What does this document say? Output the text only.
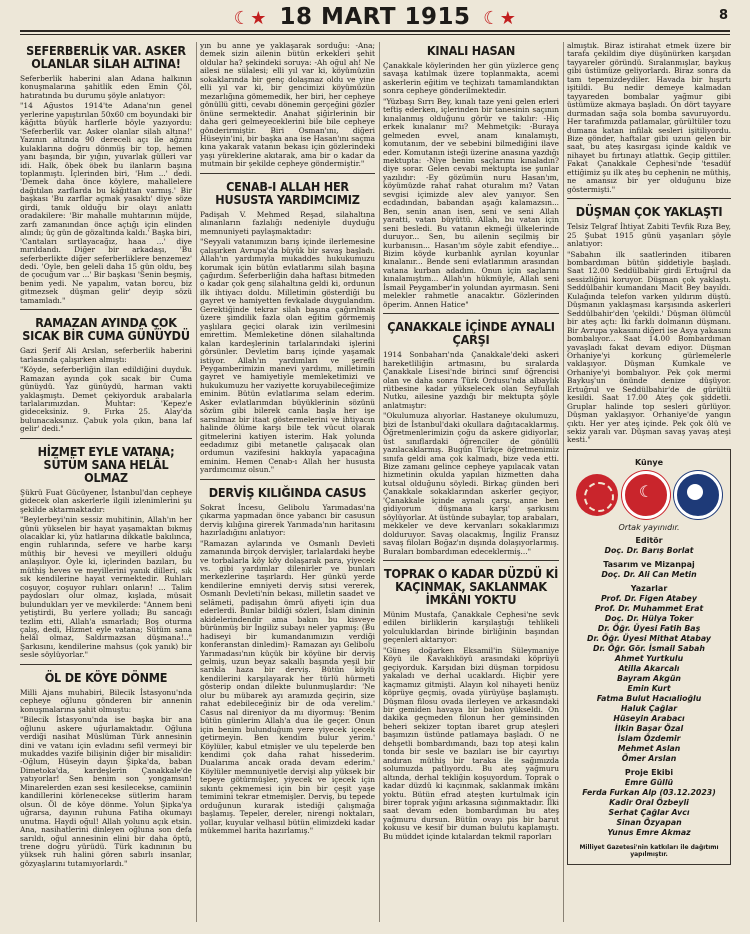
☾★ 18 MART 1915 ☾★	8
SEFERBERLİK VAR. ASKER OLANLAR SİLAH ALTINA!

Seferberlik haberini alan Adana halkının konuşmalarına şahitlik eden Emin Çöl, hatıratında bu durumu şöyle anlatıyor:

"14 Ağustos 1914'te Adana'nın genel yerlerine yapıştırılan 50x60 cm boyundaki bir kâğıtta büyük harflerle böyle yazıyordu: 'Seferberlik var. Asker olanlar silah altına!' Yazının altında 90 dereceli açı ile ağzını kulaklarına doğru dönmüş bir top, hemen yanı başında, bir yığın, yuvarlak gülleri var idi. Halk, öbek öbek bu ilanların başına toplanmıştı. İçlerinden biri, 'Hım ...' dedi. 'Demek daha önce köylere, mahallelere dağıtılan zarflarda bu kâğıttan varmış.' Bir başkası 'Bu zarflar açmak yasaktı' diye söze girdi, tanık olduğu bir olayı anlattı oradakilere: 'Bir mahalle muhtarının müjde, zarfı zamanından önce açtığı için elinden alındı; üç gün de gözaltında kaldı.' Başka biri, 'Cantaları sırtlayacağız, haaa ...' diye mırıldandı. Diğer bir arkadaşı, 'Bu seferberlikte diğer seferberliklere benzemez' dedi. 'Oyle, ben geleli daha 15 gün oldu, beş de çocuğum var ...' Bir başkası 'Senin beşmiş, benim yedi. Ne yapalım, vatan borcu, biz gitmezsek düşman gelir' deyip sözü tamamladı."

RAMAZAN AYINDA ÇOK SICAK BİR CUMA GÜNÜYDÜ

Gazi Şerif Ali Arslan, seferberlik haberini tarlasında çalışırken almıştı:

"Köyde, seferberliğin ilan edildiğini duyduk. Ramazan ayında çok sıcak bir Cuma günüydü. Yaz günüydü, harman vakti yaklaşmıştı. Demet çekiyorduk arabalarla tarlalarımızdan. Muhtar: 'Kepez'e gideceksiniz. 9. Fırka 25. Alay'da bulunacaksınız. Çabuk yola çıkın, bana laf gelir' dedi."

HİZMET EYLE VATANA; SÜTÜM SANA HELÂL OLMAZ

Şükrü Fuat Gücüyener, İstanbul'dan cepheye gidecek olan askerlerle ilgili izlenimlerini şu şekilde aktarmaktadır:

"Beylerbeyi'nin sessiz muhitinin, Allah'ın her günü yükselen bir hayat yaşamaktan bıkmış olacaklar ki, yüz hatlarına dikkatle bakılınca, engin ruhlarında, sefere ve harbe karşı müthiş bir hevesi ve meyilleri olduğu anlaşılıyor. Öyle ki, içlerinden bazıları, bu müthiş heves ve meyillerini yanık dilleri, sık sık kendilerine hayat vermektedir. Ruhları coşuyor, coşuyor ruhları onların! ... Talim paydosları olur olmaz, kışlada, müsait bulundukları yer ve mevkilerde: "Annem beni yetiştirdi, Bu yerlere yolladı; Bu sancağı tezlim etti, Allah'a ısmarladı; Boş oturma çalış, dedi, Hizmet eyle vatana; Sütüm sana helâl olmaz, Saldırmazsan düşmana!.." Şarkısını, kendilerine mahsus (çok yanık) bir sesle söylüyorlar."

ÖL DE KÖYE DÖNME

Milli Ajans muhabiri, Bilecik İstasyonu'nda cepheye oğlunu gönderen bir annenin konuşmalarına şahit olmuştu:

"Bilecik İstasyonu'nda ise başka bir ana oğlunu askere uğurlamaktadır. Oğluna verdiği nasihat Müslüman Türk annesinin dini ve vatanı için evladını sefil vermeyi bir mukaddes vazife bilişinin diğer bir misalidir: -Oğlum, Hüseyin dayın Şipka'da, baban Dimetoka'da, kardeşlerin Çanakkale'de yatıyorlar! Sen benim son yongamsın! Minarelerden ezan sesi kesilecekse, camiinin kandillerini körlenecekse sütlerim haram olsun. Öl de köye dönme. Yolun Şipka'ya uğrarsa, dayının ruhuna Fatiha okumayı unutma. Haydi oğul! Allah yolunu açık etsin. Ana, nasihatlerini dinleyen oğluna son defa sarıldı, oğul annesinin elini bir daha öptü, trene doğru yürüdü. Türk kadınının bu yüksek ruh halini gören sabırlı insanlar, gözyaşlarını tutamıyorlardı."

yın bu anne ye yaklaşarak sorduğu: -Ana; demek sizin ailenin bütün erkekleri şehit oldular ha? şekindeki soruya: -Ah oğul ah! Ne ailesi ne sülalesi; elli yıl var ki, köyümüzün sokaklarında bir genç dolaşmaz oldu ve yine elli yıl var ki, bir gencimizi köyümüzün mezarlığına gömemedik, her biri, her cepheye gönüllü gitti, cevabı dönemin gerçeğini gözler önüne sermektedir. Anahat şiğirlerinin bir daha geri gelmeyeceklerini bile bile cepheye gönderirmiştir. Biri Osman'ını, diğeri Hüseyin'ini, bir başka ana ise Hasan'ını saçma kına yakarak vatanın bekası için gözlerindeki yaşı yüreklerine akıtarak, ama bir o kadar da mutmain bir şekilde cepheye göndermiştir."

CENAB-I ALLAH HER HUSUSTA YARDIMCIMIZ

Padişah V. Mehmed Reşad, silahaltına alınanların fazlalığı nedeniyle duyduğu memnuniyeti paylaşmaktadır:

"Seyyali vatanımızın barış içinde ilerlemesine çalışırken Avrupa'da büyük bir savaş başladı. Allah'ın yardımıyla mukaddes hukukumuzu korumak için bütün evlatlarımı silah başına çağırdım. Seferberliğin daha haftası bitmeden o kadar çok genç silahaltına geldi ki, ordunun ilk ihtiyacı doldu. Milletimin gösterdiği bu gayret ve hamiyetten fevkalade duygulandım. Gerektiğinde tekrar silah başına çağırılmak üzere şimdilik fazla olan eğitim görmemiş yaşlılara geçici olarak izin verilmesini emrettim. Memleketine dönen silahaltında kalan kardeşlerinin tarlalarındaki işlerini görsünler. Devletim barış içinde yaşamak istiyor. Allah'ın yardımları ve şerefli Peygamberimizin manevi yardımı, milletimin gayret ve hamiyetiyle memleketimizi ve hukukumuzu her vaziyette koruyabileceğimize eminim. Bütün evlatlarıma selam ederim. Asker evlatlarımdan büyüklerinin sözünü sözüm gibi bilerek canla başla her işe sarsılmaz bir itaat göstermelerini ve ihtiyacın halinde ölüme karşı bile tek vücut olarak gitmelerini katiyen isterim. Hak yolunda eedadımız gibi metanetle çalışacak olan ordumun vazifesini hakkıyla yapacağına eminim. Hemen Cenab-ı Allah her hususta yardımcımız olsun."

DERVİŞ KILIĞINDA CASUS

Sokrat İncesu, Gelibolu Yarımadası'na çıkarma yapmadan önce yabancı bir casusun derviş kılığına girerek Yarımada'nın haritasını hazırladığını anlatıyor:

"Ramazan aylarında ve Osmanlı Devleti zamanında birçok dervişler, tarlalardaki heybe ve torbalarla köy köy dolaşarak para, yiyecek vs. gibi yardımlar dilenirler ve bunları merkezlerine taşırlardı. Her günkü yerde kendilerine emniyeti derviş sıtısi vererek, Osmanlı Devleti'nin bekası, milletin saadet ve selâmeti, padişahın ömrü afiyeti için dua ederlerdi. Bunlar bildiği sözleri, İslam dininin akidelerindendir ama bakın bu kisveye bürünmüş bir İngiliz subayı neler yapmış: (Bu hadiseyi bir kumandanımızın verdiği konferanstan dinledim)- Ramazan ayı Gelibolu Yarımadası'nın küçük bir köyüne bir derviş gelmiş, uzun beyaz sakallı başında yeşil bir sarıkla haza bir derviş. Bütün köylü kendilerini karşılayarak her türlü hürmeti gösterip ondan dilekte bulunmuşlardır: 'Ne olur bu mübarek ayı aramızda geçirin, size rahat edebileceğiniz bir de oda verelim.' Casus nal direniyor da mı diyormuş: 'Benim bütün günlerim Allah'a dua ile geçer. Onun için benim bulunduğum yere yiyecek içecek getirmeyin. Ben kendim bulur yerim.' Köylüler, kabul etmişler ve ulu tepelerde ben kendimi çok daha rahat hissederim. Dualarıma ancak orada devam ederim.' Köylüler memnuniyetle dervişi alıp yüksek bir tepeye götürmüşler, yiyecek ve içecek için sıkıntı çekmemesi için bin bir çeşit yaşe temimini tekrar etmemişler. Derviş, bu tepede orduğunun kurarak istediği çalışmağa başlamış. Tepeler, dereler, nirengi noktaları, yollar, kuyular velhasıl bütün elimizdeki kadar mükemmel harita hazırlamış."

KINALI HASAN

Çanakkale köylerinden her gün yüzlerce genç savaşa katılmak üzere toplanmakta, acemi askerlerin eğitim ve teçhizatı tamamlandıktan sonra cepheye gönderilmektedir.

"Yüzbaşı Sırrı Bey, kınalı taze yeni gelen erleri teftiş ederken, içlerinden bir tanesinin saçının kınalanmış olduğunu görür ve takılır: -Hiç erkek kınalanır mı? Mehmetçik: -Buraya gelmeden evvel, anam kınalamıştı, komutanım, der ve sebebini bilmediğini ilave eder. Komutanın isteği üzerine anasına yazdığı mektupta: -Niye benim saçlarımı kınaladın? diye sorar. Gelen cevabi mektupta ise şunlar yazılıdır: -Ey gözümün nuru Hasan'ım, köyümüzde rahat rahat oturalım mı? Vatan sevgisi içimizde alev alev yanıyor. Sen ecdadından, babandan aşağı kalamazsın... Ben, senin anan isen, seni ve seni Allah yaratti, vatan büyüttü. Allah, bu vatan için seni besledi. Bu vatanın ekmeği ülkelerinde duruyor... Sen, bu ailenin seçilmiş bir kurbanısın... Hasan'ım söyle zabit efendiye... Bizim köyde kurbanlık ayrılan koyunlar kınalanır... Bende seni evlatlarımın arasından vatana kurban adadım. Onun için saçlarını kınalamıştım... Allah'ın hükmüyle, Allah seni İsmail Peygamber'in yolundan ayırmasın. Seni melekler rahmetle anacaktır. Gözlerinden öperim. Annen Hatice"

ÇANAKKALE İÇİNDE AYNALI ÇARŞI

1914 Sonbaharı'nda Çanakkale'deki askeri hareketliliğin artmasını, bu sıralarda Çanakkale Lisesi'nde birinci sınıf öğrencisi olan ve daha sonra Türk Ordusu'nda albaylık rütbesine kadar yükselecek olan Seyfullah Nutku, ailesine yazdığı bir mektupta şöyle anlatmıştır:

"Okulumuza alıyorlar. Hastaneye okulumuzu, bizi de İstanbul'daki okullara dağıtacaklarmış. Öğretmenlerimizin çoğu da askere gidiyorlar, üst sınıflardaki öğrenciler de gönüllü yazılacaklarmış. Bugün Türkçe öğretmenimiz sınıfa geldi ama çok kalmadı, bize veda etti. Bize zamanı gelince cepheye yapılacak vatan hizmetinin okulda yapılan hizmetten daha kutsal olduğunu söyledi. Birkaç günden beri Çanakkale sokaklarından askerler geçiyor, 'Çanakkale içinde aynalı çarşı, anne ben gidiyorum düşmana karşı' şarkısını söylüyorlar. At üstünde subaylar, top arabaları, mekkeler ve deve kervanları sokaklarımızı dolduruyor. Savaş olacakmış, İngiliz Fransız savaş filoları Boğaz'ın dışında dolaşıyorlarmış. Buraları bombardıman edeceklermiş..."

TOPRAK O KADAR DÜZDÜ Kİ KAÇINMAK, SAKLANMAK İMKÂNI YOKTU

Münim Mustafa, Çanakkale Cephesi'ne sevk edilen birliklerin karşılaştığı tehlikeli yolculuklardan birinde birliğinin başından geçenleri aktarıyor:

"Güneş doğarken Eksamil'in Süleymaniye Köyü ile Kavaklıköyü arasındaki köprüyü geçiyorduk. Karşıdan bizi düşman torpidosu yakaladı ve derhal ucaklardı. Hiçbir yere kaçmamız gitmişti. Alayın kol nihayeti henüz köprüye geçmiş, ovada yürüyüşe başlamıştı. Düşman filosu ovada ilerleyen ve arkasındaki bir gemiden havaya bir balon yükseldi. On dakika geçmeden filonun her geminsinden beheri sekizer toptan ibaret grup ateşleri başımızın üstünde patlamaya başladı. O ne dehşetli bombardımandı, bazı top ateşi kalın tonda bir sesle ve bazıları ise bir cayırtıyı andıran müthiş bir taraka ile sağımızda solumuzda patlıyordu. Bu ateş yağmuru altında, derhal tekliğin koşuyordum. Toprak o kadar düzdü ki kaçınmak, saklanmak imkânı yoktu. Bütün efrad ateşten kurtulmak için birer toprak yığını arkasına sığınmaktadır. İlki saat devam eden bombardıman bu ateş yağmuru dursun. Bütün ovayı pis bir barut kokusu ve kesif bir duman bulutu kaplamıştı. Bu müddet içinde kıtalardan tekmil raporları

almıştık. Biraz istirahat etmek üzere bir tarafa çekildim diye düşünürken karşıdan tayyareler göründü. Sıralanmışlar, baykuş gibi üstümüze geliyorlardı. Biraz sonra da tam tepemizdeydiler. Havada bir hışırtı işitildi. Bu nedir demeye kalmadan tayyareden bombalar yağmur gibi üstümüze akmaya başladı. On dört tayyare durmadan sağa sola bomba savuruyordu. Her tarafımızda patlamalar, gürültüler tozu dumana katan infilak sesleri işitiliyordu. Bize gönder, haftalar gibi uzun gelen bir saat, bu ateş kasırgası içinde kaldık ve nihayet bu fırtınayı atlattık. Geçip gittiler. Fakat Çanakkale Cephesi'nde 'tesadüf ettiğimiz şu ilk ateş bu cephenin ne müthiş, ne amansız bir yer olduğunu bize göstermişti."

DÜŞMAN ÇOK YAKLAŞTI

Telsiz Telgraf İhtiyat Zabiti Tevfik Rıza Bey, 25 Şubat 1915 günü yaşanları şöyle anlatıyor:

"Sabahın ilk saatlerinden itibaren bombardıman bütün şiddetiyle başladı. Saat 12.00 Seddülbahir girdi Ertuğrul da sessizliğini koruyor. Düşman çok yaklaştı. Seddülbahir kumandanı Macit Bey bayıldı. Kulağında telefon varken yıldırım düştü. Düşmanın yaklaşması karşısında askerleri Seddülbahir'den 'çekildi.' Düşman ölümcül bir ateş açtı: İki farklı dolmanın düşmanı. Bir Avrupa yakasını diğeri ise Asya yakasını bombalıyor... Saat 14.00 Bombardıman yavaşladı fakat devam ediyor. Düşman Orhaniye'yi korkunç gürlemelerle vaklaşıyor. Düşman Kumkale ve Orhaniye'yi bombalıyor. Pek çok mermi Baykuş'un önünde denize düşüyor. Ertuğrul ve Seddülbahir'de de gürültü kesildi. Saat 17.00 Ateş çok şiddetli. Gruplar halinde top sesleri gürlüyor. Düşman yaklaşıyor. Orhaniye'de yangın çıktı. Her yer ateş içinde. Pek çok ölü ve sekiz yaralı var. Düşman savaş yavaş ateşi kesti."

Künye
☾
Ortak yayınıdır.
Editör
Doç. Dr. Barış Borlat
Tasarım ve Mizanpaj
Doç. Dr. Ali Can Metin
Yazarlar
Prof. Dr. Figen Atabey
Prof. Dr. Muhammet Erat
Doç. Dr. Hülya Toker
Dr. Öğr. Üyesi Fatih Baş
Dr. Öğr. Üyesi Mithat Atabay
Dr. Öğr. Gör. İsmail Sabah
Ahmet Yurtkulu
Atilla Akarcalı
Bayram Akgün
Emin Kurt
Fatma Bulut Hacıalioğlu
Haluk Çağlar
Hüseyin Arabacı
İlkin Başar Özal
İslam Özdemir
Mehmet Aslan
Ömer Arslan
Proje Ekibi
Emre Güllü
Ferda Furkan Alp (03.12.2023)
Kadir Oral Özbeyli
Serhat Çağlar Avcı
Sinan Özyapan
Yunus Emre Akmaz
Milliyet Gazetesi'nin katkıları ile dağıtımı yapılmıştır.
